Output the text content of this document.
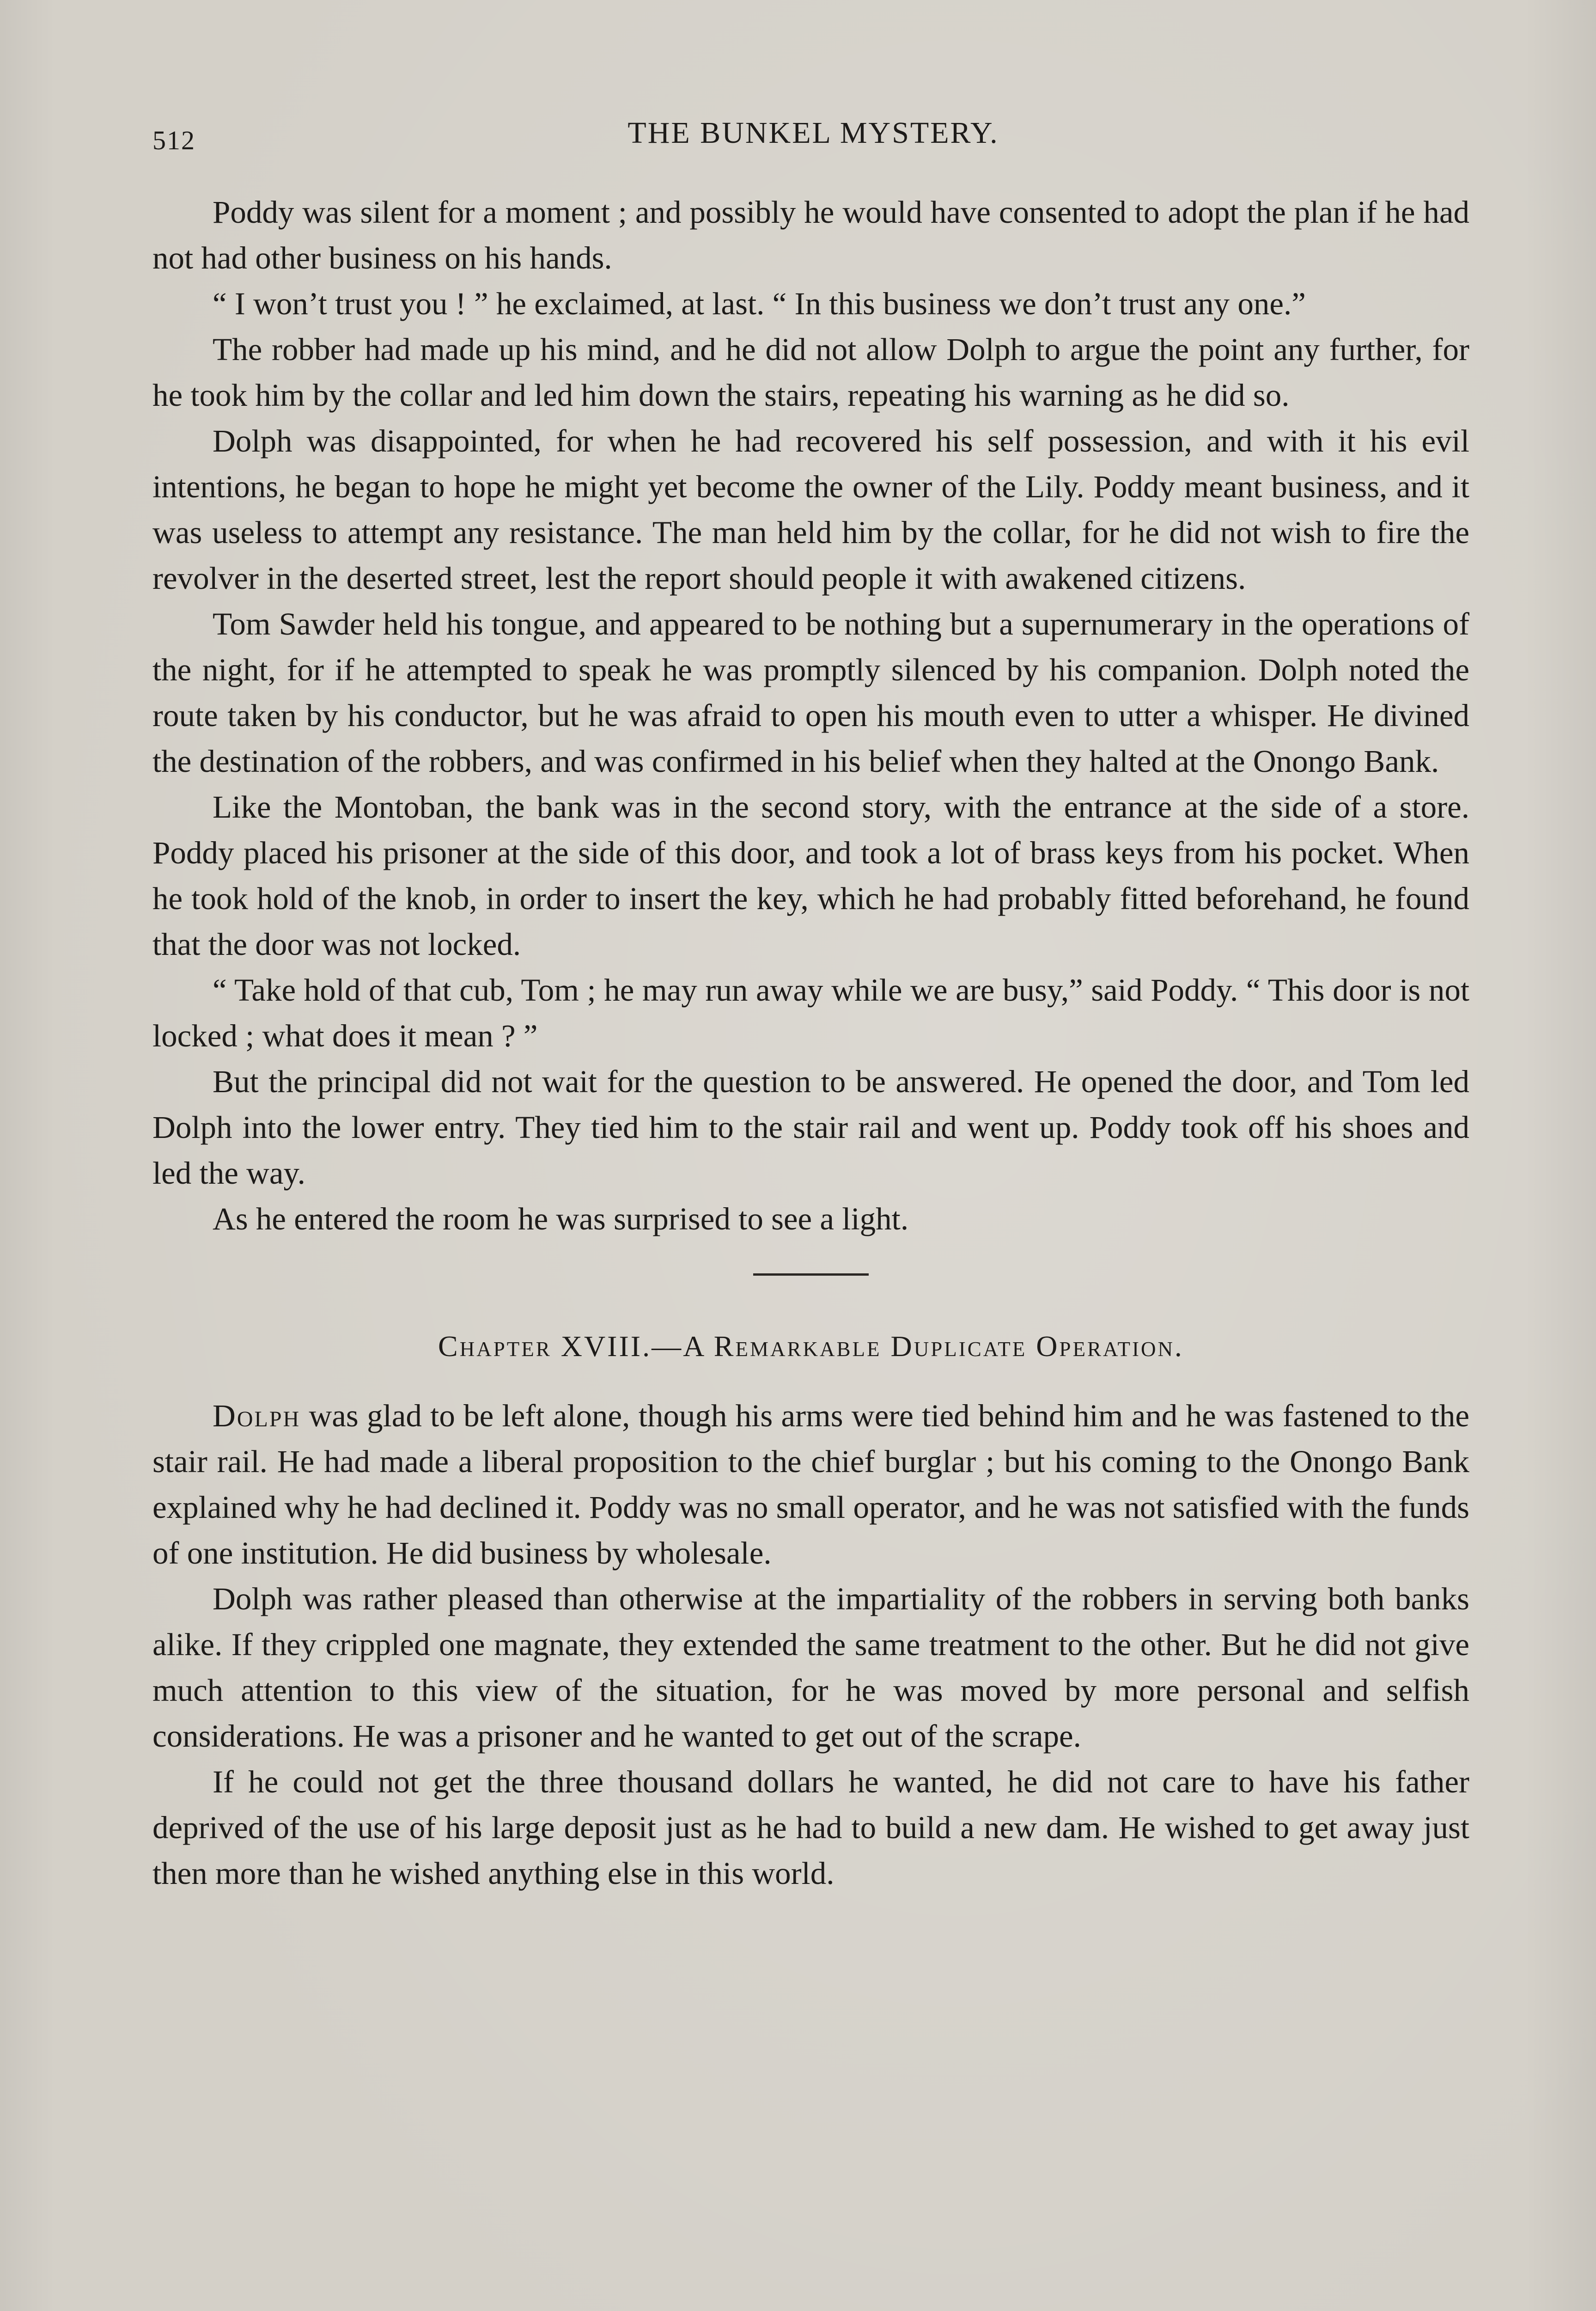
512	THE BUNKEL MYSTERY.

Poddy was silent for a moment ; and possibly he would have consented to adopt the plan if he had not had other business on his hands.

“ I won’t trust you ! ” he exclaimed, at last. “ In this business we don’t trust any one.”

The robber had made up his mind, and he did not allow Dolph to argue the point any further, for he took him by the collar and led him down the stairs, repeating his warning as he did so.

Dolph was disappointed, for when he had recovered his self possession, and with it his evil intentions, he began to hope he might yet become the owner of the Lily. Poddy meant business, and it was useless to attempt any resistance. The man held him by the collar, for he did not wish to fire the revolver in the deserted street, lest the report should people it with awakened citizens.

Tom Sawder held his tongue, and appeared to be nothing but a supernumerary in the operations of the night, for if he attempted to speak he was promptly silenced by his companion. Dolph noted the route taken by his conductor, but he was afraid to open his mouth even to utter a whisper. He divined the destination of the robbers, and was confirmed in his belief when they halted at the Onongo Bank.

Like the Montoban, the bank was in the second story, with the entrance at the side of a store. Poddy placed his prisoner at the side of this door, and took a lot of brass keys from his pocket. When he took hold of the knob, in order to insert the key, which he had probably fitted beforehand, he found that the door was not locked.

“ Take hold of that cub, Tom ; he may run away while we are busy,” said Poddy. “ This door is not locked ; what does it mean ? ”

But the principal did not wait for the question to be answered. He opened the door, and Tom led Dolph into the lower entry. They tied him to the stair rail and went up. Poddy took off his shoes and led the way.

As he entered the room he was surprised to see a light.

Chapter XVIII.—A Remarkable Duplicate Operation.

Dolph was glad to be left alone, though his arms were tied behind him and he was fastened to the stair rail. He had made a liberal proposition to the chief burglar ; but his coming to the Onongo Bank explained why he had declined it. Poddy was no small operator, and he was not satisfied with the funds of one institution. He did business by wholesale.

Dolph was rather pleased than otherwise at the impartiality of the robbers in serving both banks alike. If they crippled one magnate, they extended the same treatment to the other. But he did not give much attention to this view of the situation, for he was moved by more personal and selfish considerations. He was a prisoner and he wanted to get out of the scrape.

If he could not get the three thousand dollars he wanted, he did not care to have his father deprived of the use of his large deposit just as he had to build a new dam. He wished to get away just then more than he wished anything else in this world.
